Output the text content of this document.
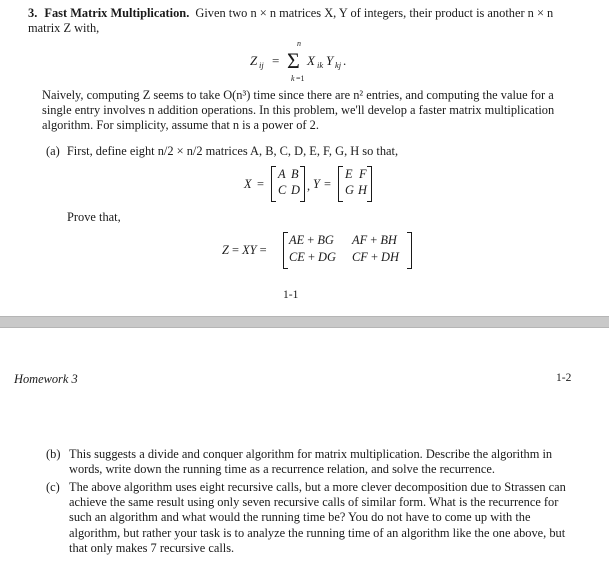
3. Fast Matrix Multiplication. Given two n × n matrices X, Y of integers, their product is another n × n matrix Z with,
Z ij = Σ
n
k =1
X ik Y kj .
Naively, computing Z seems to take O(n³) time since there are n² entries, and computing the value for a single entry involves n addition operations. In this problem, we'll develop a faster matrix multiplication algorithm. For simplicity, assume that n is a power of 2.
(a) First, define eight n/2 × n/2 matrices A, B, C, D, E, F, G, H so that,
X =
A B
C D , Y =
E F
G H
Prove that,
Z = XY =
AE + BG AF + BH
CE + DG CF + DH
1-1
Homework 3	1-2
(b) This suggests a divide and conquer algorithm for matrix multiplication. Describe the algorithm in words, write down the running time as a recurrence relation, and solve the recurrence.
(c) The above algorithm uses eight recursive calls, but a more clever decomposition due to Strassen can achieve the same result using only seven recursive calls of similar form. What is the recurrence for such an algorithm and what would the running time be? You do not have to come up with the algorithm, but rather your task is to analyze the running time of an algorithm like the one above, but that only makes 7 recursive calls.
